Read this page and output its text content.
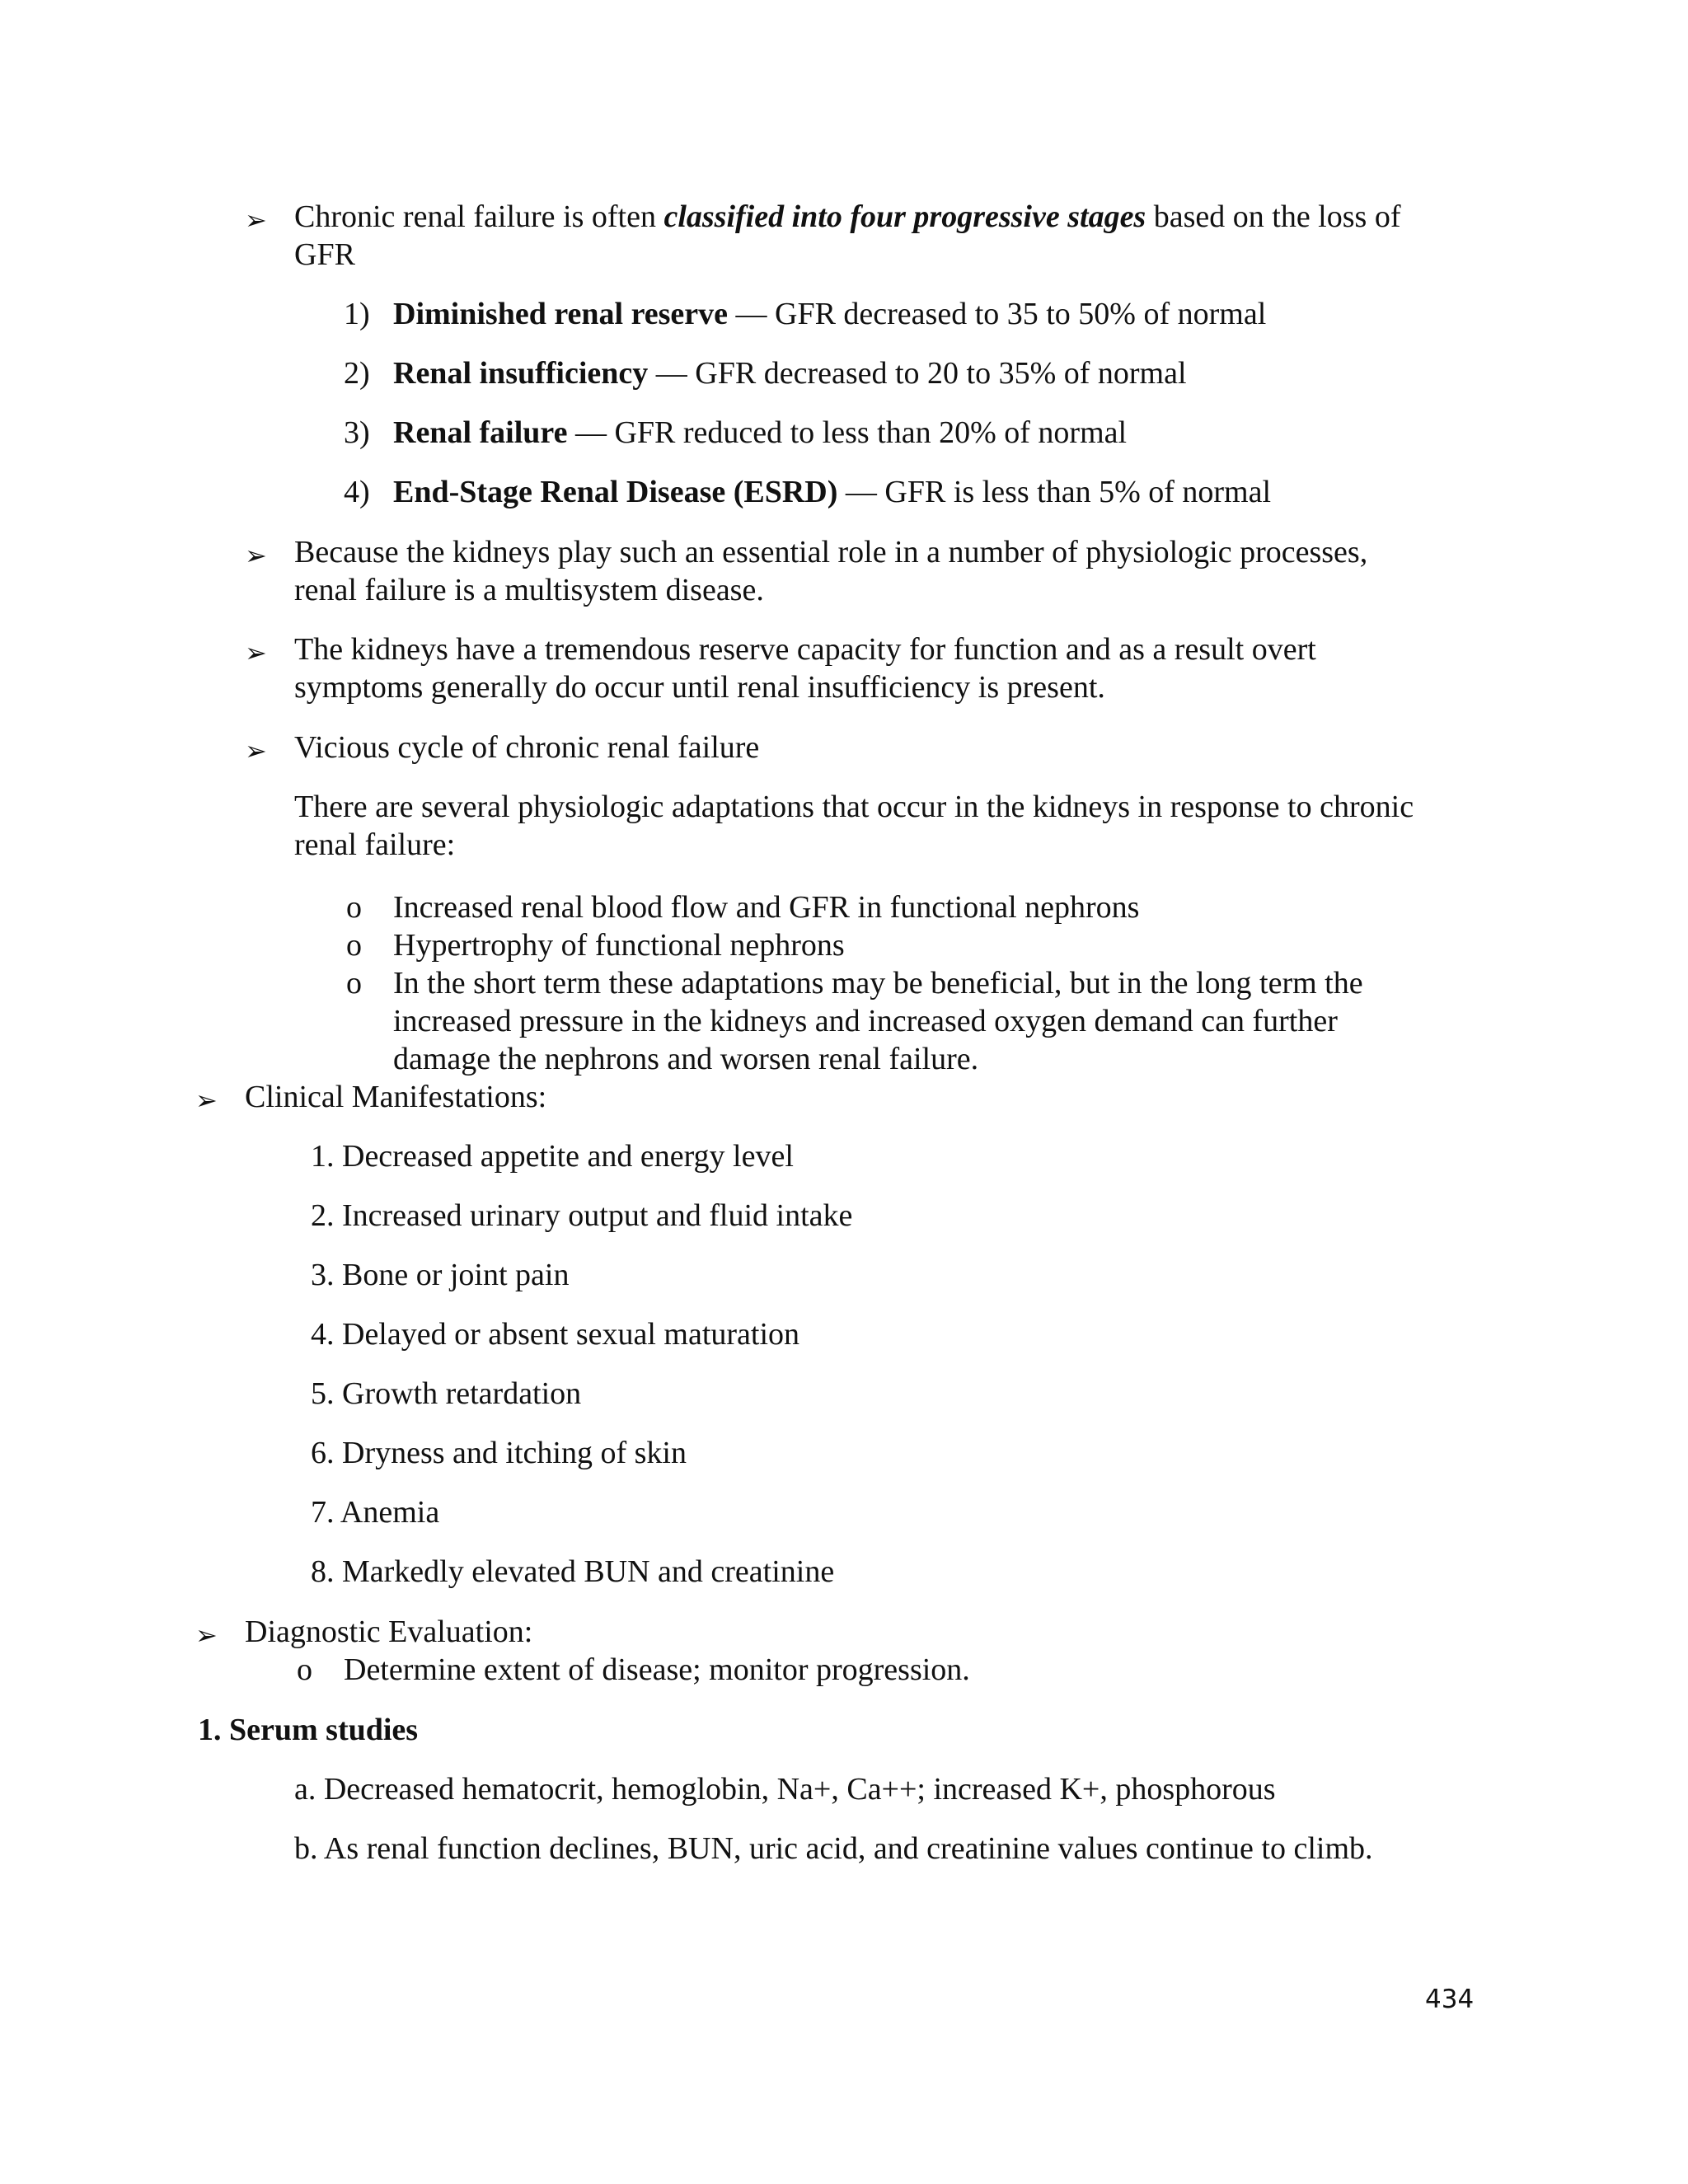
➢ Chronic renal failure is often classified into four progressive stages based on the loss of
GFR
1) Diminished renal reserve — GFR decreased to 35 to 50% of normal
2) Renal insufficiency — GFR decreased to 20 to 35% of normal
3) Renal failure — GFR reduced to less than 20% of normal
4) End-Stage Renal Disease (ESRD) — GFR is less than 5% of normal
➢ Because the kidneys play such an essential role in a number of physiologic processes,
renal failure is a multisystem disease.
➢ The kidneys have a tremendous reserve capacity for function and as a result overt
symptoms generally do occur until renal insufficiency is present.
➢ Vicious cycle of chronic renal failure
There are several physiologic adaptations that occur in the kidneys in response to chronic
renal failure:
o Increased renal blood flow and GFR in functional nephrons
o Hypertrophy of functional nephrons
o In the short term these adaptations may be beneficial, but in the long term the
increased pressure in the kidneys and increased oxygen demand can further
damage the nephrons and worsen renal failure.
➢ Clinical Manifestations:
1. Decreased appetite and energy level
2. Increased urinary output and fluid intake
3. Bone or joint pain
4. Delayed or absent sexual maturation
5. Growth retardation
6. Dryness and itching of skin
7. Anemia
8. Markedly elevated BUN and creatinine
➢ Diagnostic Evaluation:
o Determine extent of disease; monitor progression.
1. Serum studies
a. Decreased hematocrit, hemoglobin, Na+, Ca++; increased K+, phosphorous
b. As renal function declines, BUN, uric acid, and creatinine values continue to climb.
434
